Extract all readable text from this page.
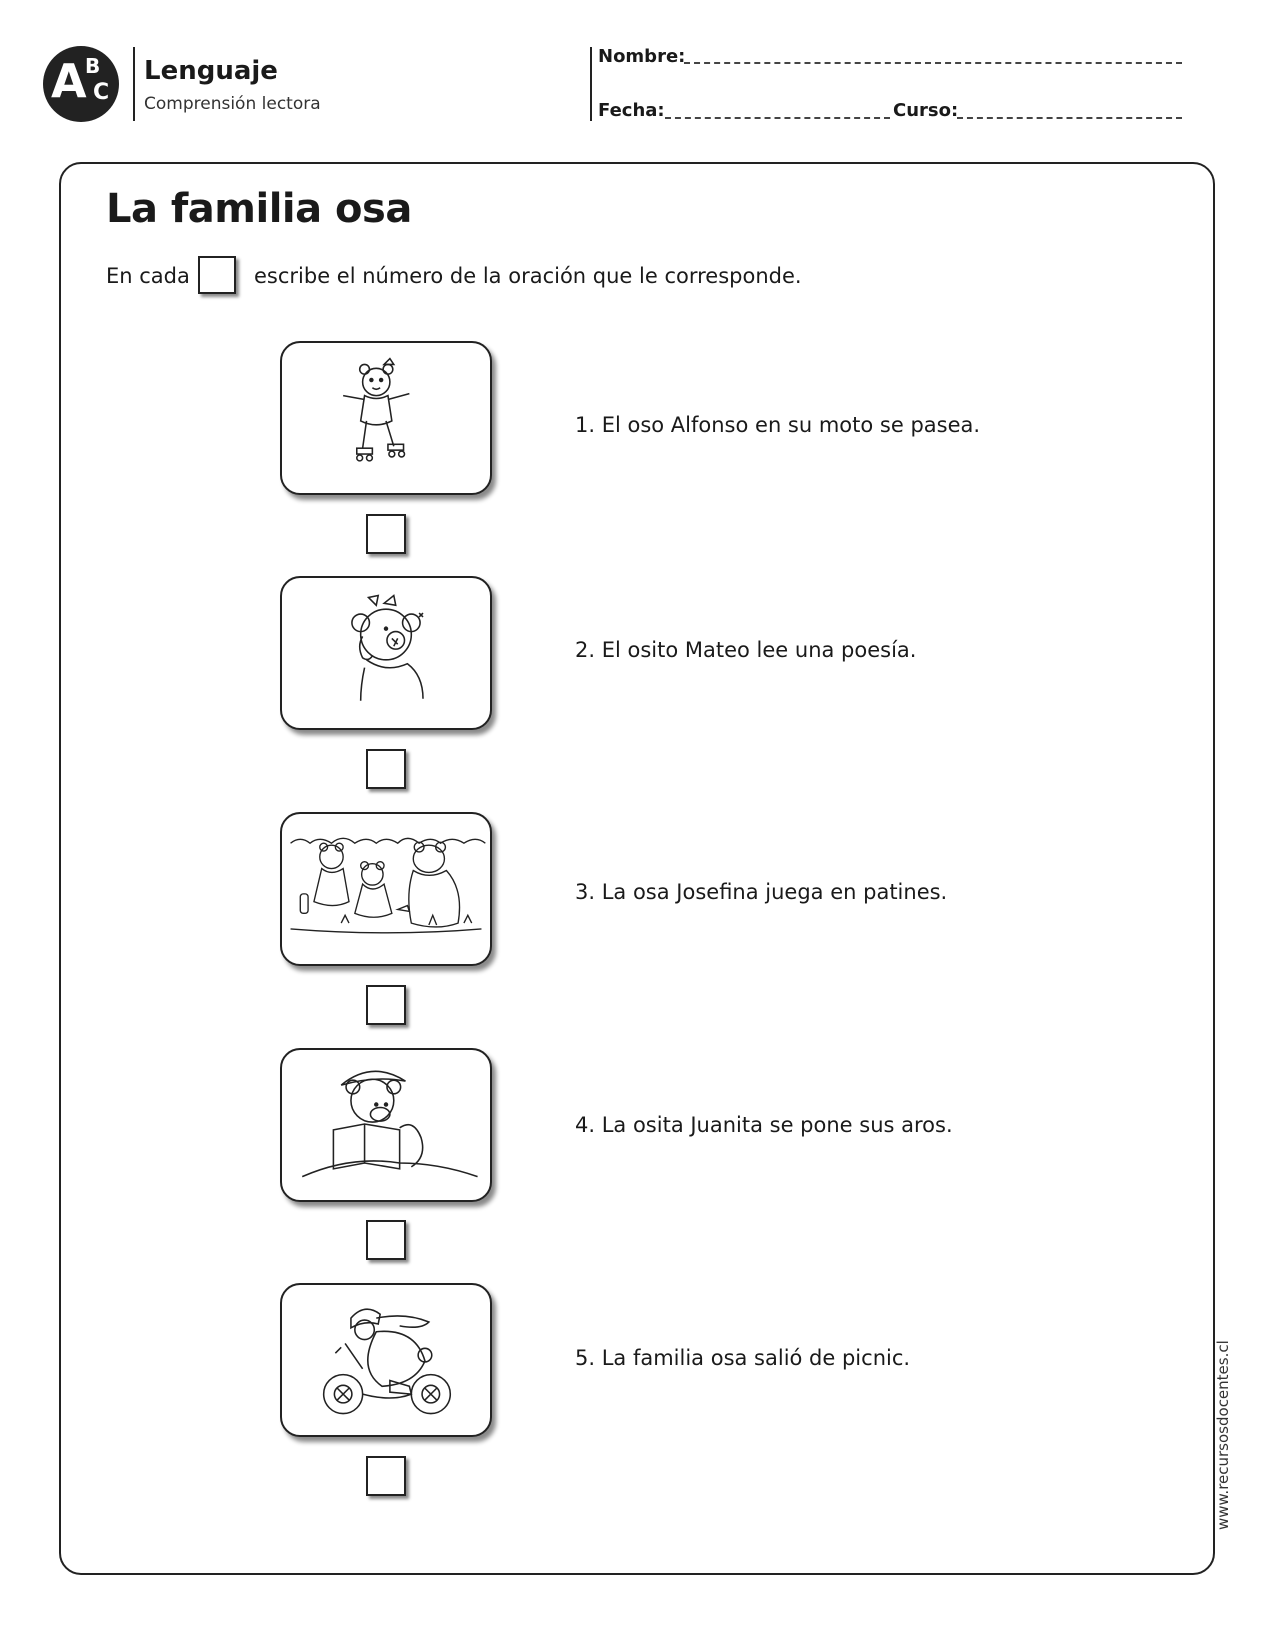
A
B
C
Lenguaje
Comprensión lectora
Nombre:
Fecha:	Curso:
La familia osa
En cada	escribe el número de la oración que le corresponde.
1. El oso Alfonso en su moto se pasea.
2. El osito Mateo lee una poesía.
3. La osa Josefina juega en patines.
4. La osita Juanita se pone sus aros.
5. La familia osa salió de picnic.	www.recursosdocentes.cl
